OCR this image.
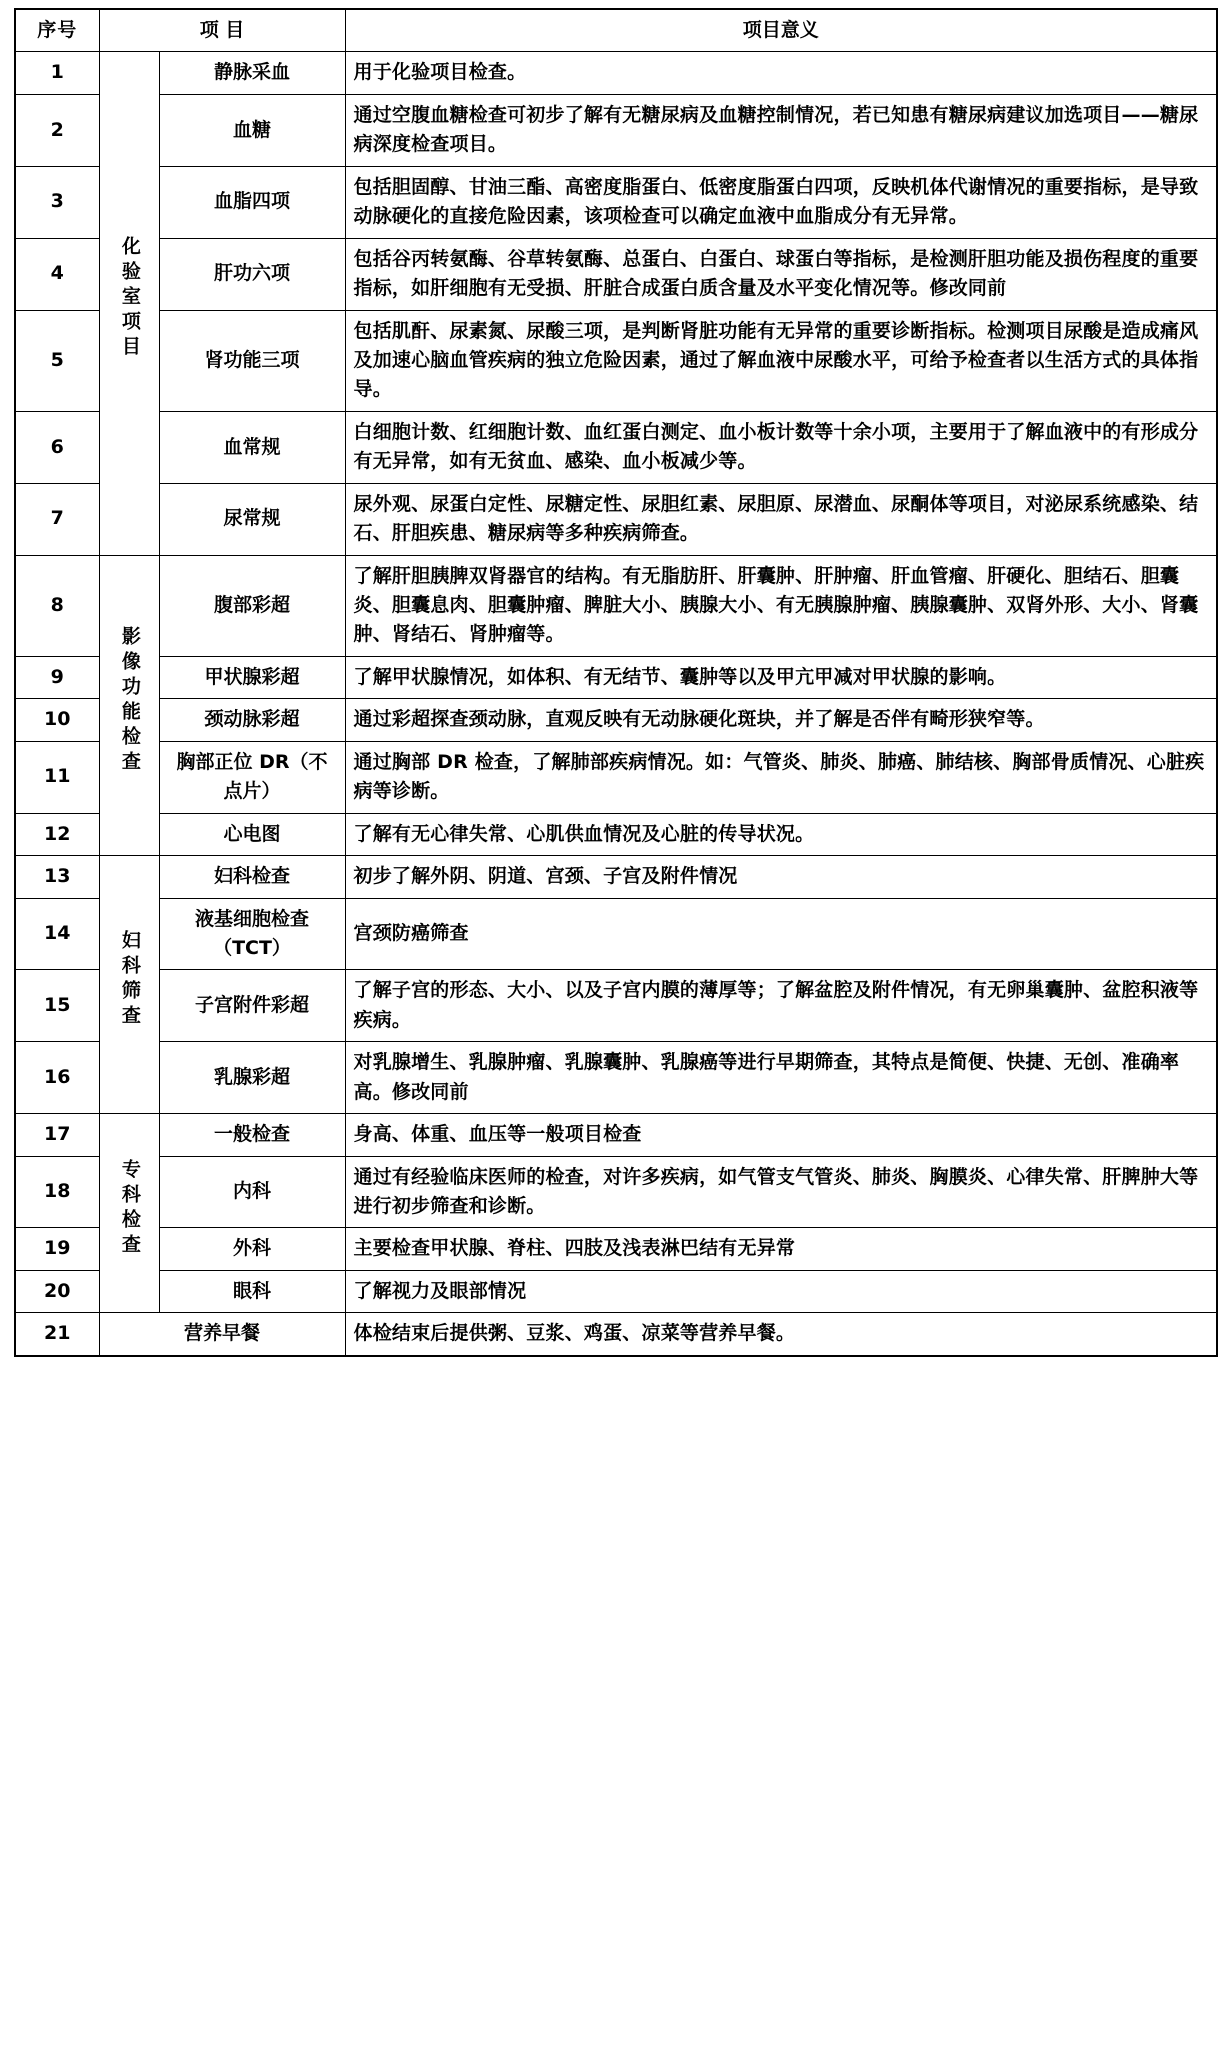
序号	项 目		项目意义
1	化验室项目	静脉采血	用于化验项目检查。
2		血糖	通过空腹血糖检查可初步了解有无糖尿病及血糖控制情况，若已知患有糖尿病建议加选项目——糖尿病深度检查项目。
3		血脂四项	包括胆固醇、甘油三酯、高密度脂蛋白、低密度脂蛋白四项，反映机体代谢情况的重要指标，是导致动脉硬化的直接危险因素，该项检查可以确定血液中血脂成分有无异常。
4		肝功六项	包括谷丙转氨酶、谷草转氨酶、总蛋白、白蛋白、球蛋白等指标，是检测肝胆功能及损伤程度的重要指标，如肝细胞有无受损、肝脏合成蛋白质含量及水平变化情况等。修改同前
5		肾功能三项	包括肌酐、尿素氮、尿酸三项，是判断肾脏功能有无异常的重要诊断指标。检测项目尿酸是造成痛风及加速心脑血管疾病的独立危险因素，通过了解血液中尿酸水平，可给予检查者以生活方式的具体指导。
6		血常规	白细胞计数、红细胞计数、血红蛋白测定、血小板计数等十余小项，主要用于了解血液中的有形成分有无异常，如有无贫血、感染、血小板减少等。
7		尿常规	尿外观、尿蛋白定性、尿糖定性、尿胆红素、尿胆原、尿潜血、尿酮体等项目，对泌尿系统感染、结石、肝胆疾患、糖尿病等多种疾病筛查。
8	影像功能检查	腹部彩超	了解肝胆胰脾双肾器官的结构。有无脂肪肝、肝囊肿、肝肿瘤、肝血管瘤、肝硬化、胆结石、胆囊炎、胆囊息肉、胆囊肿瘤、脾脏大小、胰腺大小、有无胰腺肿瘤、胰腺囊肿、双肾外形、大小、肾囊肿、肾结石、肾肿瘤等。
9		甲状腺彩超	了解甲状腺情况，如体积、有无结节、囊肿等以及甲亢甲减对甲状腺的影响。
10		颈动脉彩超	通过彩超探查颈动脉，直观反映有无动脉硬化斑块，并了解是否伴有畸形狭窄等。
11		胸部正位 DR（不点片）	通过胸部 DR 检查，了解肺部疾病情况。如：气管炎、肺炎、肺癌、肺结核、胸部骨质情况、心脏疾病等诊断。
12		心电图	了解有无心律失常、心肌供血情况及心脏的传导状况。
13	妇科筛查	妇科检查	初步了解外阴、阴道、宫颈、子宫及附件情况
14		液基细胞检查 （TCT）	宫颈防癌筛查
15		子宫附件彩超	了解子宫的形态、大小、以及子宫内膜的薄厚等；了解盆腔及附件情况，有无卵巢囊肿、盆腔积液等疾病。
16		乳腺彩超	对乳腺增生、乳腺肿瘤、乳腺囊肿、乳腺癌等进行早期筛查，其特点是简便、快捷、无创、准确率高。修改同前
17	专科检查	一般检查	身高、体重、血压等一般项目检查
18		内科	通过有经验临床医师的检查，对许多疾病，如气管支气管炎、肺炎、胸膜炎、心律失常、肝脾肿大等进行初步筛查和诊断。
19		外科	主要检查甲状腺、脊柱、四肢及浅表淋巴结有无异常
20		眼科	了解视力及眼部情况
21	营养早餐		体检结束后提供粥、豆浆、鸡蛋、凉菜等营养早餐。
